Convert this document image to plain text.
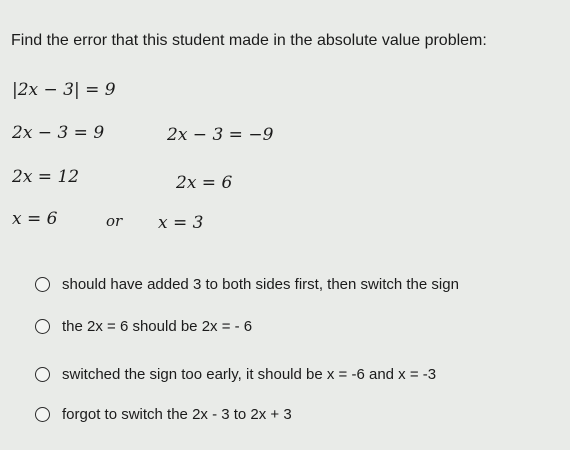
Find the error that this student made in the absolute value problem:
|2x − 3| = 9
2x − 3 = 9	2x − 3 = −9
2x = 12	2x = 6
x = 6	or x = 3
should have added 3 to both sides first, then switch the sign
the 2x = 6 should be 2x = - 6
switched the sign too early, it should be x = -6 and x = -3
forgot to switch the 2x - 3 to 2x + 3
